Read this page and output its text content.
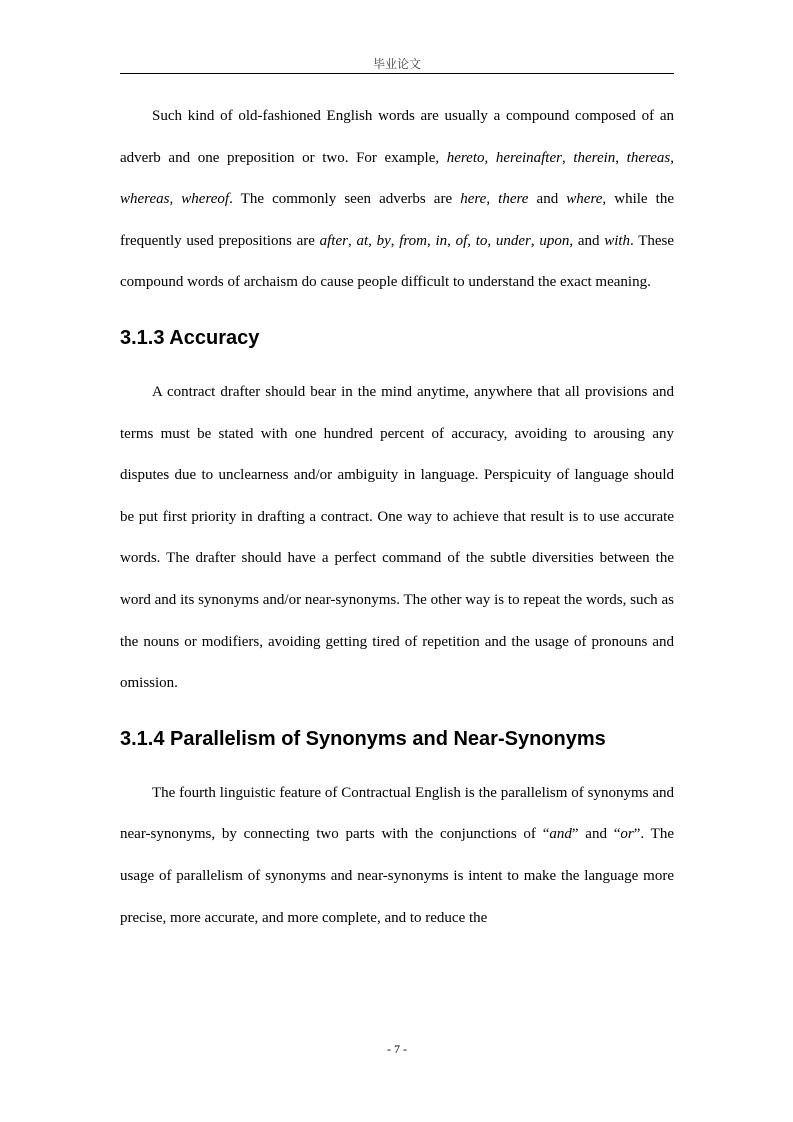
毕业论文

Such kind of old-fashioned English words are usually a compound composed of an adverb and one preposition or two. For example, hereto, hereinafter, therein, thereas, whereas, whereof. The commonly seen adverbs are here, there and where, while the frequently used prepositions are after, at, by, from, in, of, to, under, upon, and with. These compound words of archaism do cause people difficult to understand the exact meaning.

3.1.3 Accuracy

A contract drafter should bear in the mind anytime, anywhere that all provisions and terms must be stated with one hundred percent of accuracy, avoiding to arousing any disputes due to unclearness and/or ambiguity in language. Perspicuity of language should be put first priority in drafting a contract. One way to achieve that result is to use accurate words. The drafter should have a perfect command of the subtle diversities between the word and its synonyms and/or near-synonyms. The other way is to repeat the words, such as the nouns or modifiers, avoiding getting tired of repetition and the usage of pronouns and omission.

3.1.4 Parallelism of Synonyms and Near-Synonyms

The fourth linguistic feature of Contractual English is the parallelism of synonyms and near-synonyms, by connecting two parts with the conjunctions of “and” and “or”. The usage of parallelism of synonyms and near-synonyms is intent to make the language more precise, more accurate, and more complete, and to reduce the

- 7 -
